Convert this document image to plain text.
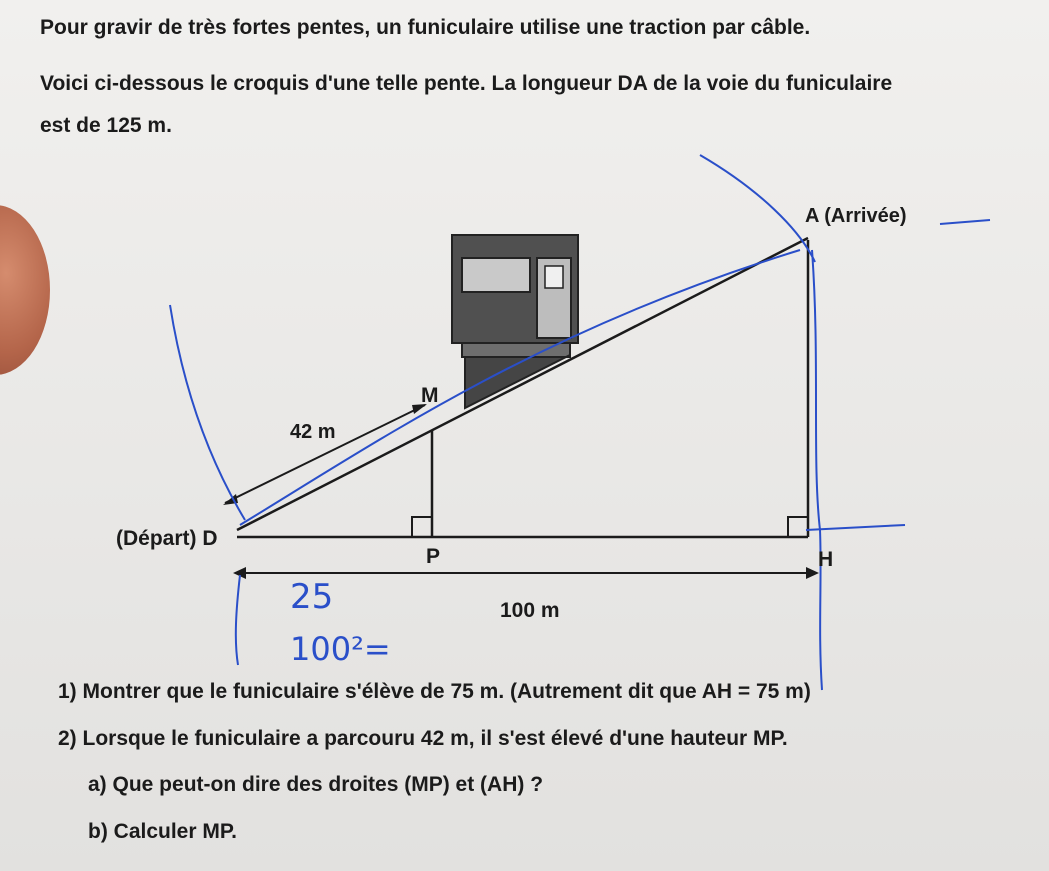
Pour gravir de très fortes pentes, un funiculaire utilise une traction par câble.
Voici ci-dessous le croquis d'une telle pente. La longueur DA de la voie du funiculaire
est de 125 m.
A (Arrivée)
(Départ) D
M
P	H
42 m
100 m
25
100²=
1) Montrer que le funiculaire s'élève de 75 m. (Autrement dit que AH = 75 m)
2) Lorsque le funiculaire a parcouru 42 m, il s'est élevé d'une hauteur MP.
a) Que peut-on dire des droites (MP) et (AH) ?
b) Calculer MP.
